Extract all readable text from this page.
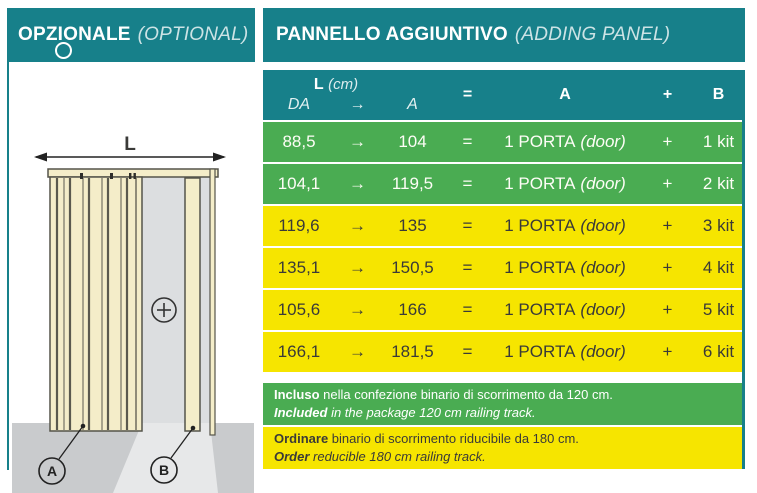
OPZIONALE (OPTIONAL) PANNELLO AGGIUNTIVO (ADDING PANEL)
L
A	B
L (cm)
DA	→	A
=	A	+	B
88,5	→	104	=	1 PORTA (door)	+	1 kit
104,1	→	119,5	=	1 PORTA (door)	+	2 kit
119,6	→	135	=	1 PORTA (door)	+	3 kit
135,1	→	150,5	=	1 PORTA (door)	+	4 kit
105,6	→	166	=	1 PORTA (door)	+	5 kit
166,1	→	181,5	=	1 PORTA (door)	+	6 kit
Incluso nella confezione binario di scorrimento da 120 cm.
Included in the package 120 cm railing track.
Ordinare binario di scorrimento riducibile da 180 cm.
Order reducible 180 cm railing track.
